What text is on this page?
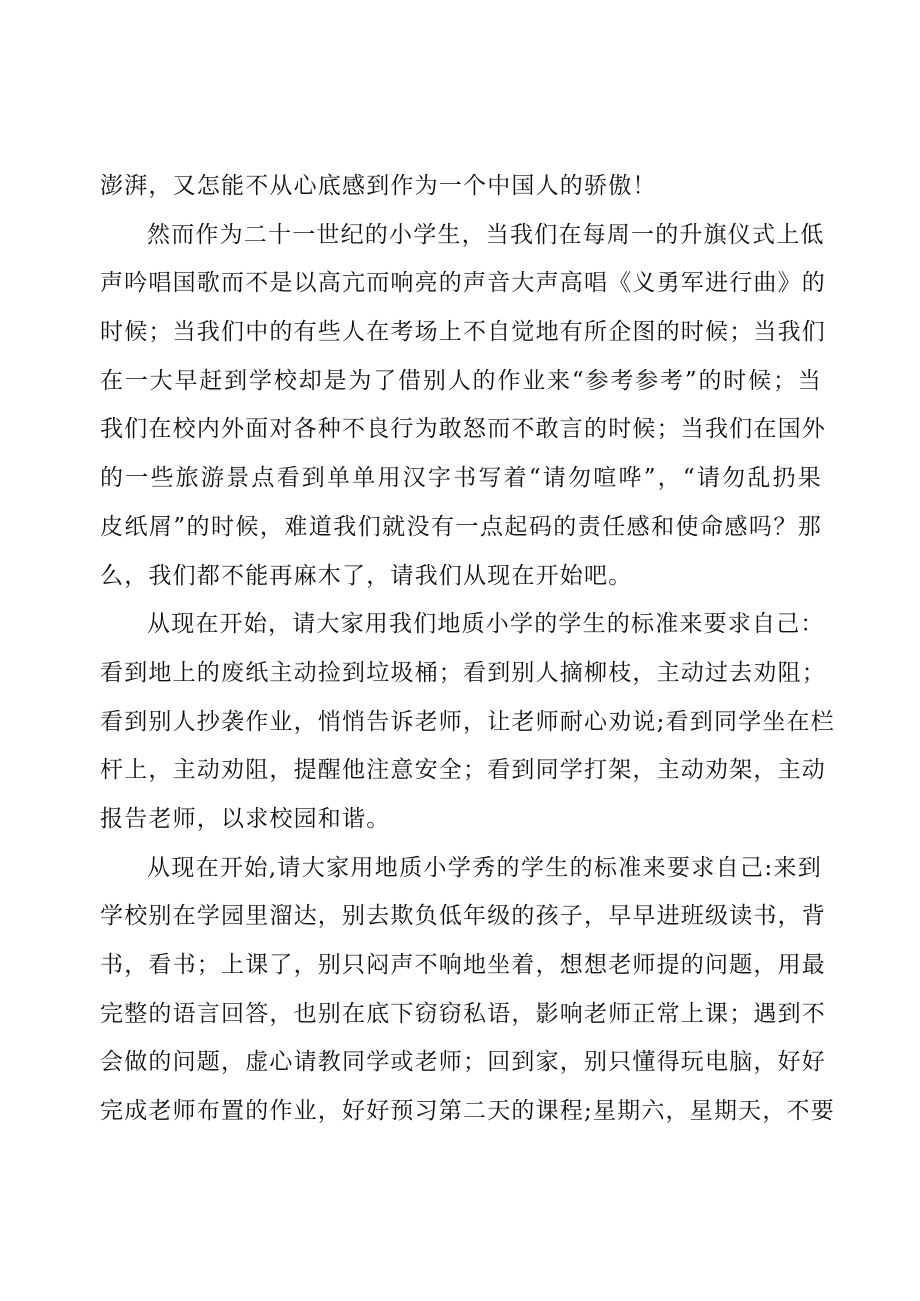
澎湃，又怎能不从心底感到作为一个中国人的骄傲！
然而作为二十一世纪的小学生，当我们在每周一的升旗仪式上低
声吟唱国歌而不是以高亢而响亮的声音大声高唱《义勇军进行曲》的
时候；当我们中的有些人在考场上不自觉地有所企图的时候；当我们
在一大早赶到学校却是为了借别人的作业来“参考参考”的时候；当
我们在校内外面对各种不良行为敢怒而不敢言的时候；当我们在国外
的一些旅游景点看到单单用汉字书写着“请勿喧哗”，“请勿乱扔果
皮纸屑”的时候，难道我们就没有一点起码的责任感和使命感吗？那
么，我们都不能再麻木了，请我们从现在开始吧。
从现在开始，请大家用我们地质小学的学生的标准来要求自己：
看到地上的废纸主动捡到垃圾桶；看到别人摘柳枝，主动过去劝阻；
看到别人抄袭作业，悄悄告诉老师，让老师耐心劝说;看到同学坐在栏
杆上，主动劝阻，提醒他注意安全；看到同学打架，主动劝架，主动
报告老师，以求校园和谐。
从现在开始,请大家用地质小学秀的学生的标准来要求自己:来到
学校别在学园里溜达，别去欺负低年级的孩子，早早进班级读书，背
书，看书；上课了，别只闷声不响地坐着，想想老师提的问题，用最
完整的语言回答，也别在底下窃窃私语，影响老师正常上课；遇到不
会做的问题，虚心请教同学或老师；回到家，别只懂得玩电脑，好好
完成老师布置的作业，好好预习第二天的课程;星期六，星期天，不要
